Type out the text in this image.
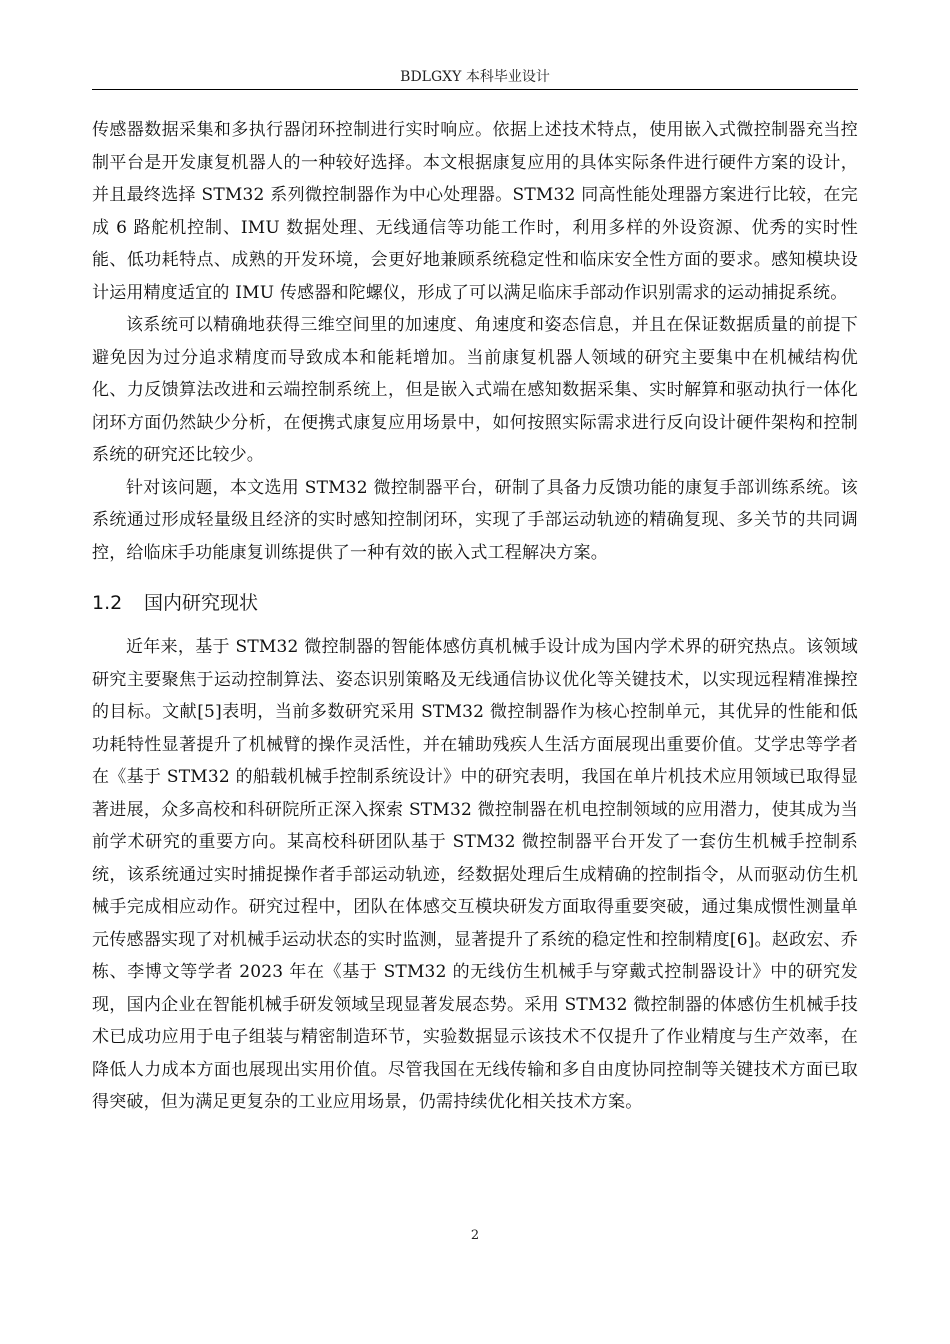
BDLGXY 本科毕业设计

传感器数据采集和多执行器闭环控制进行实时响应。依据上述技术特点，使用嵌入式微控制器充当控制平台是开发康复机器人的一种较好选择。本文根据康复应用的具体实际条件进行硬件方案的设计，并且最终选择 STM32 系列微控制器作为中心处理器。STM32 同高性能处理器方案进行比较，在完成 6 路舵机控制、IMU 数据处理、无线通信等功能工作时，利用多样的外设资源、优秀的实时性能、低功耗特点、成熟的开发环境，会更好地兼顾系统稳定性和临床安全性方面的要求。感知模块设计运用精度适宜的 IMU 传感器和陀螺仪，形成了可以满足临床手部动作识别需求的运动捕捉系统。

该系统可以精确地获得三维空间里的加速度、角速度和姿态信息，并且在保证数据质量的前提下避免因为过分追求精度而导致成本和能耗增加。当前康复机器人领域的研究主要集中在机械结构优化、力反馈算法改进和云端控制系统上，但是嵌入式端在感知数据采集、实时解算和驱动执行一体化闭环方面仍然缺少分析，在便携式康复应用场景中，如何按照实际需求进行反向设计硬件架构和控制系统的研究还比较少。

针对该问题，本文选用 STM32 微控制器平台，研制了具备力反馈功能的康复手部训练系统。该系统通过形成轻量级且经济的实时感知控制闭环，实现了手部运动轨迹的精确复现、多关节的共同调控，给临床手功能康复训练提供了一种有效的嵌入式工程解决方案。

1.2 国内研究现状

近年来，基于 STM32 微控制器的智能体感仿真机械手设计成为国内学术界的研究热点。该领域研究主要聚焦于运动控制算法、姿态识别策略及无线通信协议优化等关键技术，以实现远程精准操控的目标。文献[5]表明，当前多数研究采用 STM32 微控制器作为核心控制单元，其优异的性能和低功耗特性显著提升了机械臂的操作灵活性，并在辅助残疾人生活方面展现出重要价值。艾学忠等学者在《基于 STM32 的船载机械手控制系统设计》中的研究表明，我国在单片机技术应用领域已取得显著进展，众多高校和科研院所正深入探索 STM32 微控制器在机电控制领域的应用潜力，使其成为当前学术研究的重要方向。某高校科研团队基于 STM32 微控制器平台开发了一套仿生机械手控制系统，该系统通过实时捕捉操作者手部运动轨迹，经数据处理后生成精确的控制指令，从而驱动仿生机械手完成相应动作。研究过程中，团队在体感交互模块研发方面取得重要突破，通过集成惯性测量单元传感器实现了对机械手运动状态的实时监测，显著提升了系统的稳定性和控制精度[6]。赵政宏、乔栋、李博文等学者 2023 年在《基于 STM32 的无线仿生机械手与穿戴式控制器设计》中的研究发现，国内企业在智能机械手研发领域呈现显著发展态势。采用 STM32 微控制器的体感仿生机械手技术已成功应用于电子组装与精密制造环节，实验数据显示该技术不仅提升了作业精度与生产效率，在降低人力成本方面也展现出实用价值。尽管我国在无线传输和多自由度协同控制等关键技术方面已取得突破，但为满足更复杂的工业应用场景，仍需持续优化相关技术方案。

2
